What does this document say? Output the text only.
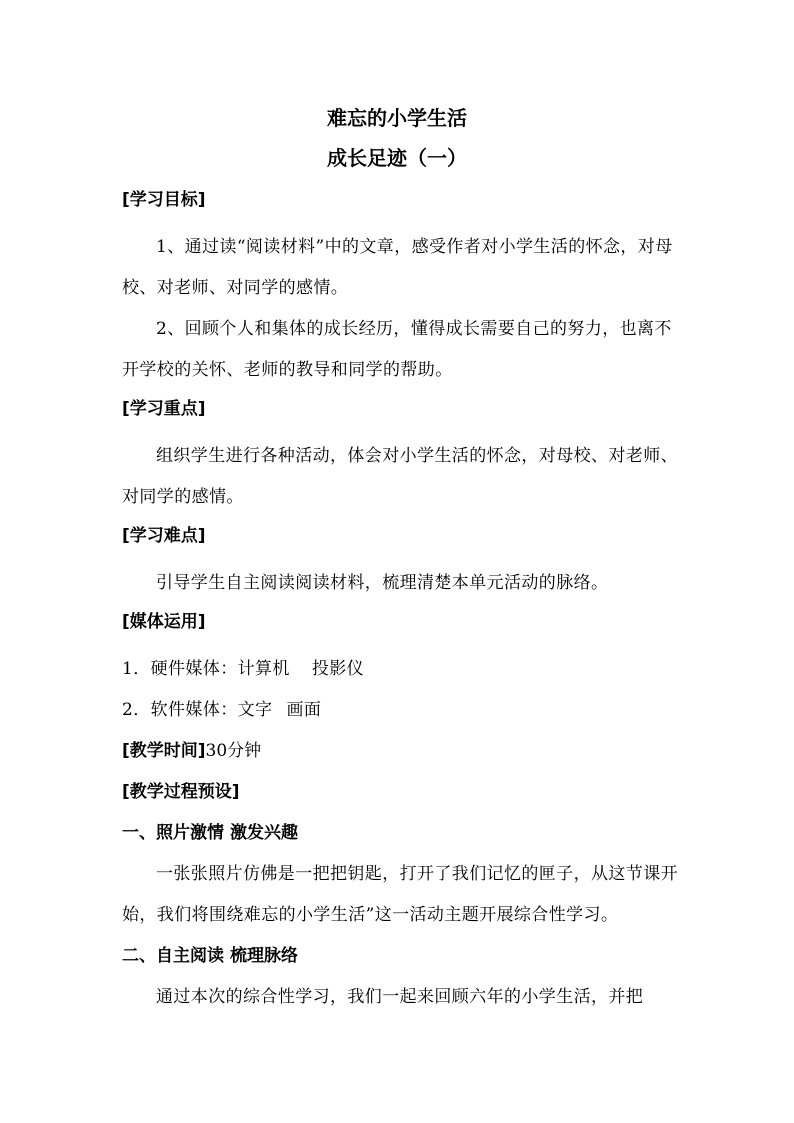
难忘的小学生活
成长足迹（一）
[学习目标]
1、通过读“阅读材料”中的文章，感受作者对小学生活的怀念，对母校、对老师、对同学的感情。
2、回顾个人和集体的成长经历，懂得成长需要自己的努力，也离不开学校的关怀、老师的教导和同学的帮助。
[学习重点]
组织学生进行各种活动，体会对小学生活的怀念，对母校、对老师、对同学的感情。
[学习难点]
引导学生自主阅读阅读材料，梳理清楚本单元活动的脉络。
[媒体运用]
1．硬件媒体：计算机 投影仪
2．软件媒体：文字 画面
[教学时间]30分钟
[教学过程预设]
一、照片激情 激发兴趣
一张张照片仿佛是一把把钥匙，打开了我们记忆的匣子，从这节课开始，我们将围绕难忘的小学生活”这一活动主题开展综合性学习。
二、自主阅读 梳理脉络
通过本次的综合性学习，我们一起来回顾六年的小学生活，并把
